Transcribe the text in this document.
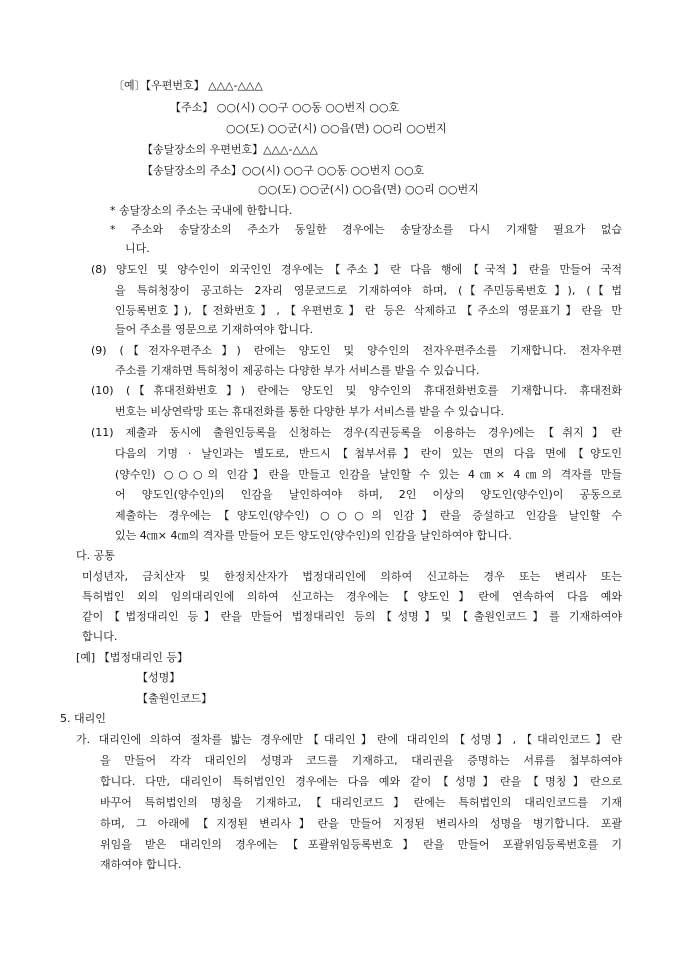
〔예〕【우편번호】 △△△-△△△
【주소】 ○○(시) ○○구 ○○동 ○○번지 ○○호
○○(도) ○○군(시) ○○읍(면) ○○리 ○○번지
【송달장소의 우편번호】△△△-△△△
【송달장소의 주소】○○(시) ○○구 ○○동 ○○번지 ○○호
○○(도) ○○군(시) ○○읍(면) ○○리 ○○번지
* 송달장소의 주소는 국내에 한합니다.
* 주소와 송달장소의 주소가 동일한 경우에는 송달장소를 다시 기재할 필요가 없습
니다.
(8) 양도인 및 양수인이 외국인인 경우에는【주소】란 다음 행에【국적】란을 만들어 국적
을 특허청장이 공고하는 2자리 영문코드로 기재하여야 하며, (【주민등록번호】), (【법
인등록번호】),【전화번호】,【우편번호】란 등은 삭제하고【주소의 영문표기】란을 만
들어 주소를 영문으로 기재하여야 합니다.
(9) (【전자우편주소】) 란에는 양도인 및 양수인의 전자우편주소를 기재합니다. 전자우편
주소를 기재하면 특허청이 제공하는 다양한 부가 서비스를 받을 수 있습니다.
(10) (【휴대전화번호】) 란에는 양도인 및 양수인의 휴대전화번호를 기재합니다. 휴대전화
번호는 비상연락망 또는 휴대전화를 통한 다양한 부가 서비스를 받을 수 있습니다.
(11) 제출과 동시에 출원인등록을 신청하는 경우(직권등록을 이용하는 경우)에는【취지】란
다음의 기명 · 날인과는 별도로, 반드시【첨부서류】란이 있는 면의 다음 면에【양도인
(양수인) ○○○의 인감】란을 만들고 인감을 날인할 수 있는 4㎝× 4㎝의 격자를 만들
어 양도인(양수인)의 인감을 날인하여야 하며, 2인 이상의 양도인(양수인)이 공동으로
제출하는 경우에는【양도인(양수인) ○○○의 인감】란을 증설하고 인감을 날인할 수
있는 4㎝× 4㎝의 격자를 만들어 모든 양도인(양수인)의 인감을 날인하여야 합니다.
다. 공통
미성년자, 금치산자 및 한정치산자가 법정대리인에 의하여 신고하는 경우 또는 변리사 또는
특허법인 외의 임의대리인에 의하여 신고하는 경우에는【양도인】란에 연속하여 다음 예와
같이【법정대리인 등】란을 만들어 법정대리인 등의【성명】및【출원인코드】를 기재하여야
합니다.
[예] 【법정대리인 등】
【성명】
【출원인코드】
5. 대리인
가. 대리인에 의하여 절차를 밟는 경우에만【대리인】란에 대리인의【성명】,【대리인코드】란
을 만들어 각각 대리인의 성명과 코드를 기재하고, 대리권을 증명하는 서류를 첨부하여야
합니다. 다만, 대리인이 특허법인인 경우에는 다음 예와 같이【성명】란을【명칭】란으로
바꾸어 특허법인의 명칭을 기재하고,【대리인코드】란에는 특허법인의 대리인코드를 기재
하며, 그 아래에【지정된 변리사】란을 만들어 지정된 변리사의 성명을 병기합니다. 포괄
위임을 받은 대리인의 경우에는【포괄위임등록번호】란을 만들어 포괄위임등록번호를 기
재하여야 합니다.
